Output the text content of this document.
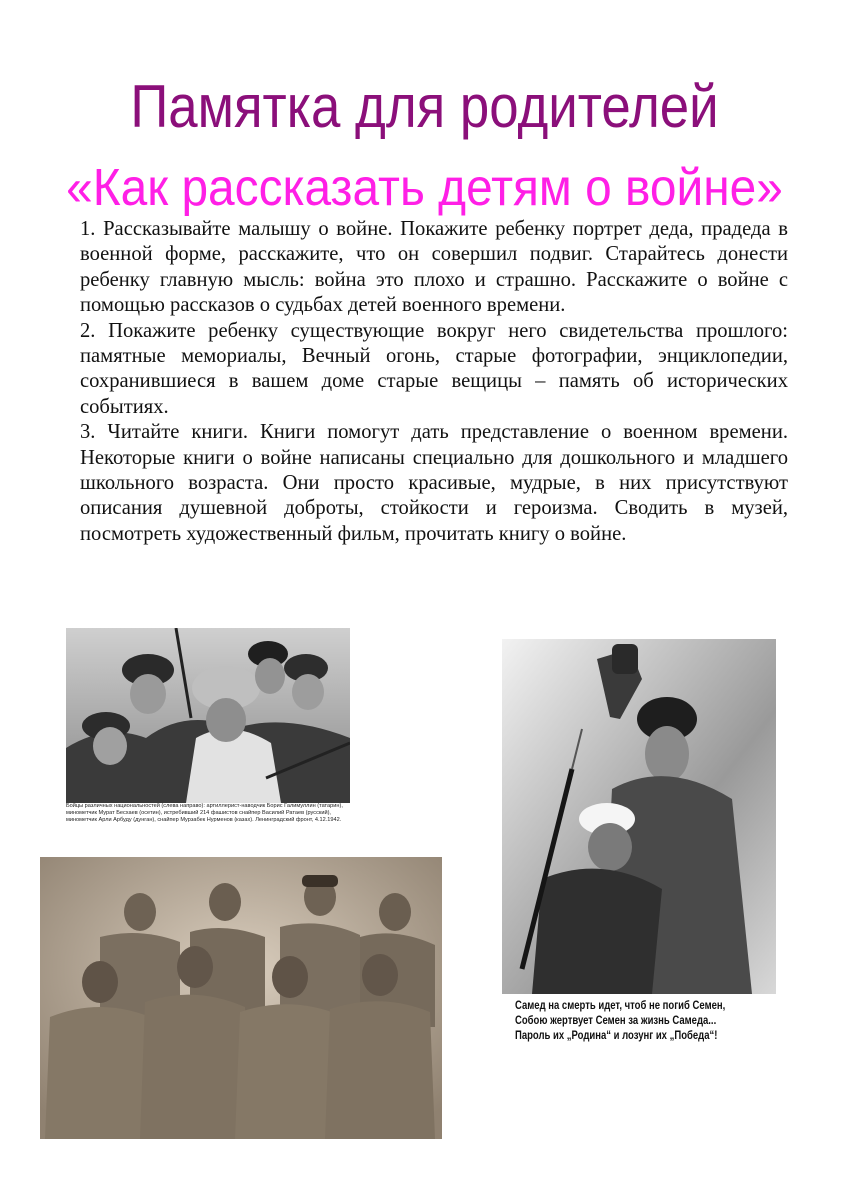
Памятка для родителей
«Как рассказать детям о войне»

1. Рассказывайте малышу о войне. Покажите ребенку портрет деда, прадеда в военной форме, расскажите, что он совершил подвиг. Старайтесь донести ребенку главную мысль: война это плохо и страшно. Расскажите о войне с помощью рассказов о судьбах детей военного времени.

2. Покажите ребенку существующие вокруг него свидетельства прошлого: памятные мемориалы, Вечный огонь, старые фотографии, энциклопедии, сохранившиеся в вашем доме старые вещицы – память об исторических событиях.

3. Читайте книги. Книги помогут дать представление о военном времени. Некоторые книги о войне написаны специально для дошкольного и младшего школьного возраста. Они просто красивые, мудрые, в них присутствуют описания душевной доброты, стойкости и героизма. Сводить в музей, посмотреть художественный фильм, прочитать книгу о войне.

Бойцы различных национальностей (слева направо): артиллерист-наводчик Борис Галимуллин (татарин), минометчик Мурат Бесхаев (осетин), истребивший 214 фашистов снайпер Василий Ратаев (русский), минометчик Арли Арбуду (дунган), снайпер Мурзабек Нурменов (казах). Ленинградский фронт, 4.12.1942.
Самед на смерть идет, чтоб не погиб Семен,
Собою жертвует Семен за жизнь Самеда...
Пароль их „Родина“ и лозунг их „Победа“!
